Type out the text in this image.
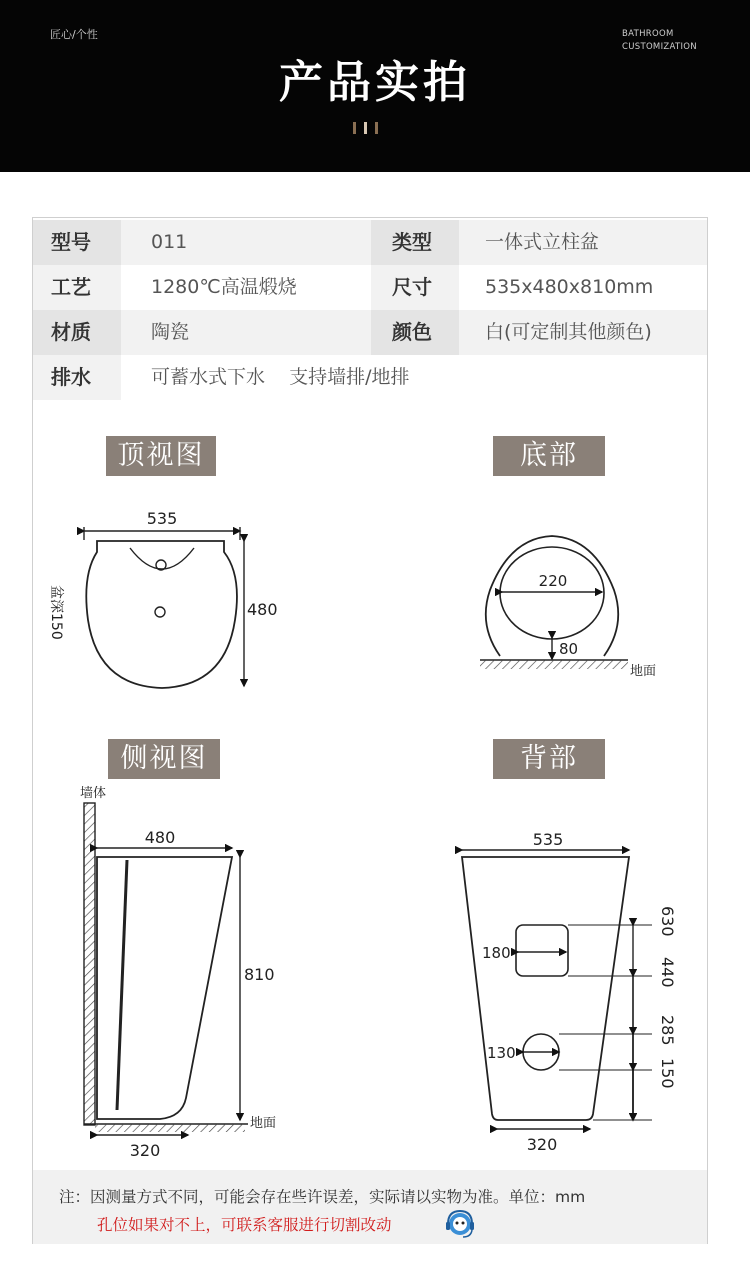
匠心/个性	BATHROOM
CUSTOMIZATION
产品实拍
型号	011	类型	一体式立柱盆
工艺	1280℃高温煅烧	尺寸	535x480x810mm
材质	陶瓷	颜色	白(可定制其他颜色)
排水	可蓄水式下水    支持墙排/地排
顶视图	底部
侧视图	背部
535
480
盆深150
220
80
地面
墙体
480
810
地面
320
535
180
130
630
440
285
150
320
注：因测量方式不同，可能会存在些许误差，实际请以实物为准。单位：mm
孔位如果对不上，可联系客服进行切割改动
